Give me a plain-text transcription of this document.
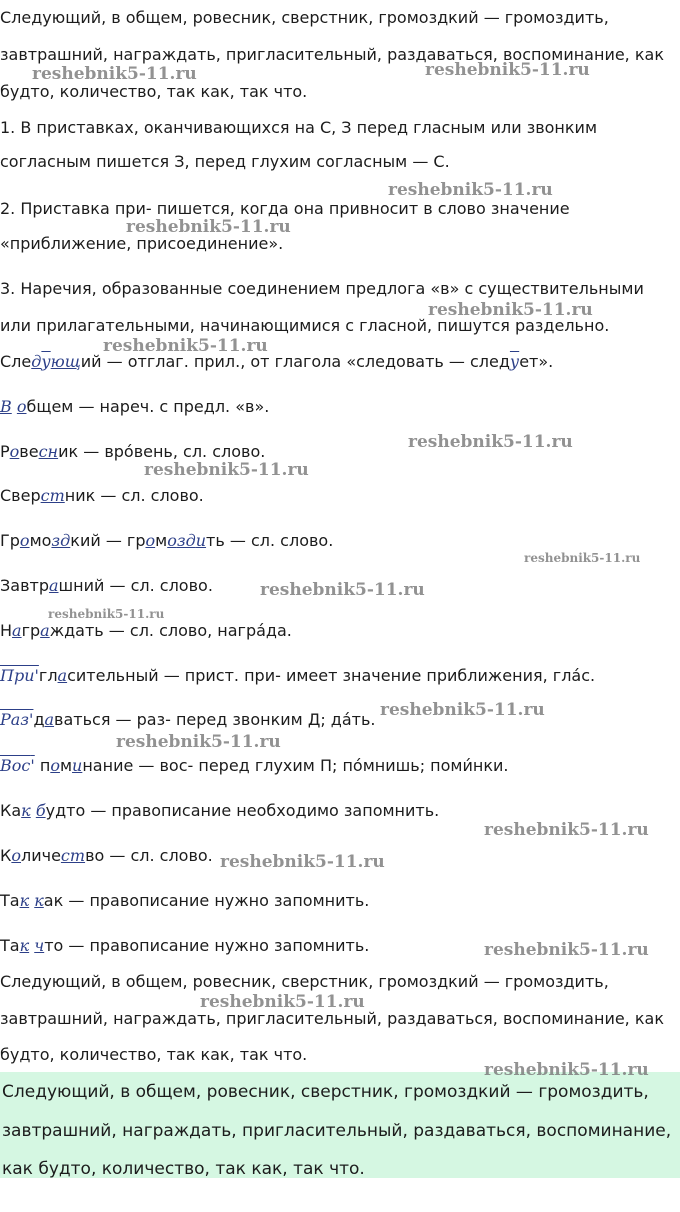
Следующий, в общем, ровесник, сверстник, громоздкий — громоздить,
завтрашний, награждать, пригласительный, раздаваться, воспоминание, как
будто, количество, так как, так что.
1. В приставках, оканчивающихся на С, З перед гласным или звонким
согласным пишется З, перед глухим согласным — С.
2. Приставка при- пишется, когда она привносит в слово значение
«приближение, присоединение».
3. Наречия, образованные соединением предлога «в» с существительными
или прилагательными, начинающимися с гласной, пишутся раздельно.
Следующий — отглаг. прил., от глагола «следовать — следует».
В общем — нареч. с предл. «в».
Ровесник — вро́вень, сл. слово.
Сверстник — сл. слово.
Громоздкий — громоздить — сл. слово.
Завтрашний — сл. слово.
Награждать — сл. слово, награ́да.
При'гласительный — прист. при- имеет значение приближения, гла́с.
Раз'даваться — раз- перед звонким Д; да́ть.
Вос' поминание — вос- перед глухим П; по́мнишь; поми́нки.
Как будто — правописание необходимо запомнить.
Количество — сл. слово.
Так как — правописание нужно запомнить.
Так что — правописание нужно запомнить.
Следующий, в общем, ровесник, сверстник, громоздкий — громоздить,
завтрашний, награждать, пригласительный, раздаваться, воспоминание, как
будто, количество, так как, так что.
Следующий, в общем, ровесник, сверстник, громоздкий — громоздить,
завтрашний, награждать, пригласительный, раздаваться, воспоминание,
как будто, количество, так как, так что.
reshebnik5-11.ru	reshebnik5-11.ru
reshebnik5-11.ru
reshebnik5-11.ru
reshebnik5-11.ru
reshebnik5-11.ru
reshebnik5-11.ru
reshebnik5-11.ru
reshebnik5-11.ru
reshebnik5-11.ru
reshebnik5-11.ru
reshebnik5-11.ru
reshebnik5-11.ru
reshebnik5-11.ru
reshebnik5-11.ru
reshebnik5-11.ru
reshebnik5-11.ru
reshebnik5-11.ru
